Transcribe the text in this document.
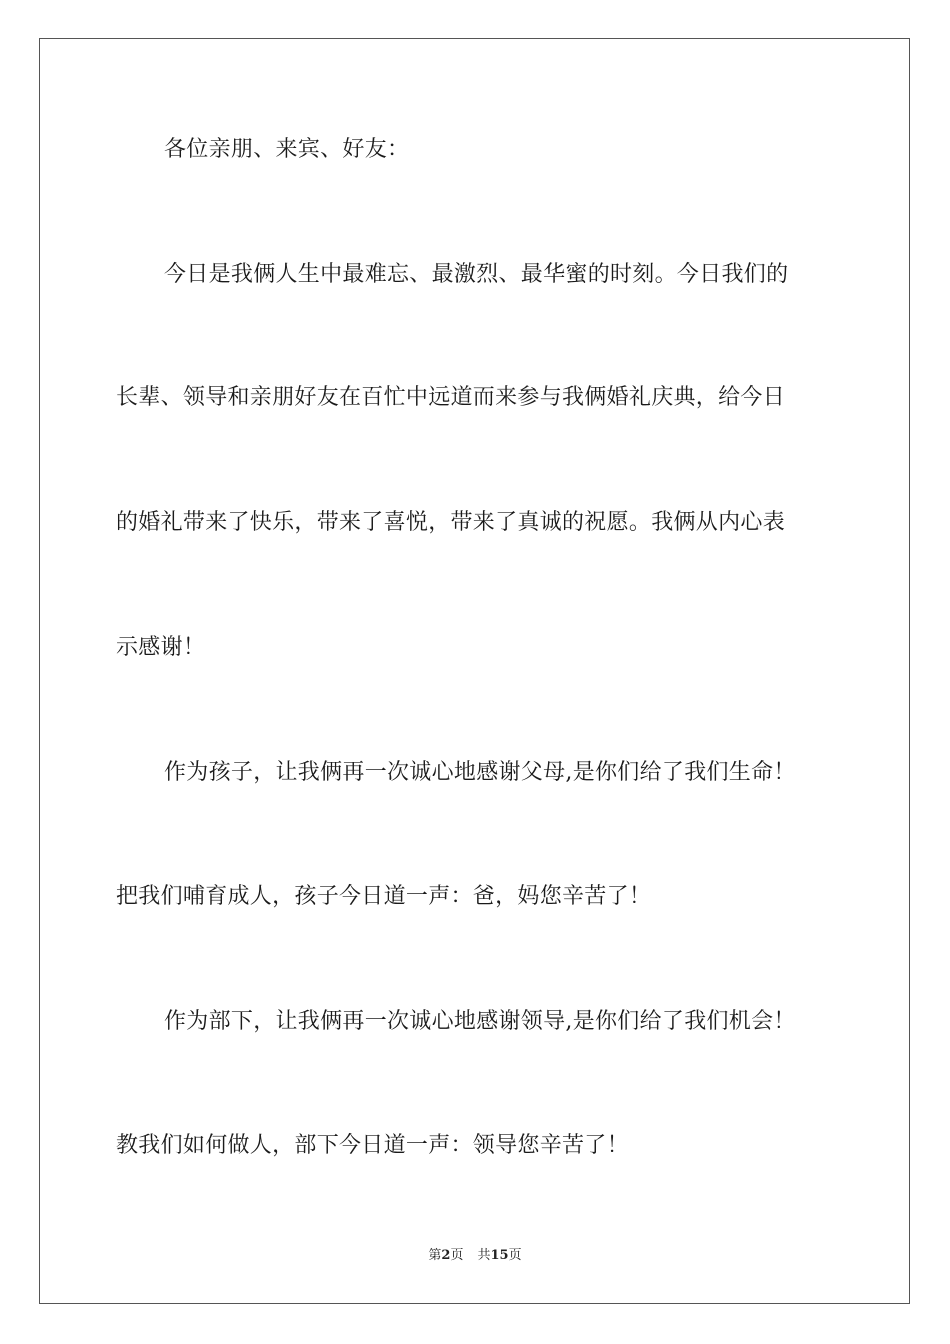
各位亲朋、来宾、好友：
今日是我俩人生中最难忘、最激烈、最华蜜的时刻。今日我们的
长辈、领导和亲朋好友在百忙中远道而来参与我俩婚礼庆典，给今日
的婚礼带来了快乐，带来了喜悦，带来了真诚的祝愿。我俩从内心表
示感谢！
作为孩子，让我俩再一次诚心地感谢父母,是你们给了我们生命！
把我们哺育成人，孩子今日道一声：爸，妈您辛苦了！
作为部下，让我俩再一次诚心地感谢领导,是你们给了我们机会！
教我们如何做人，部下今日道一声：领导您辛苦了！
第2页 共15页
